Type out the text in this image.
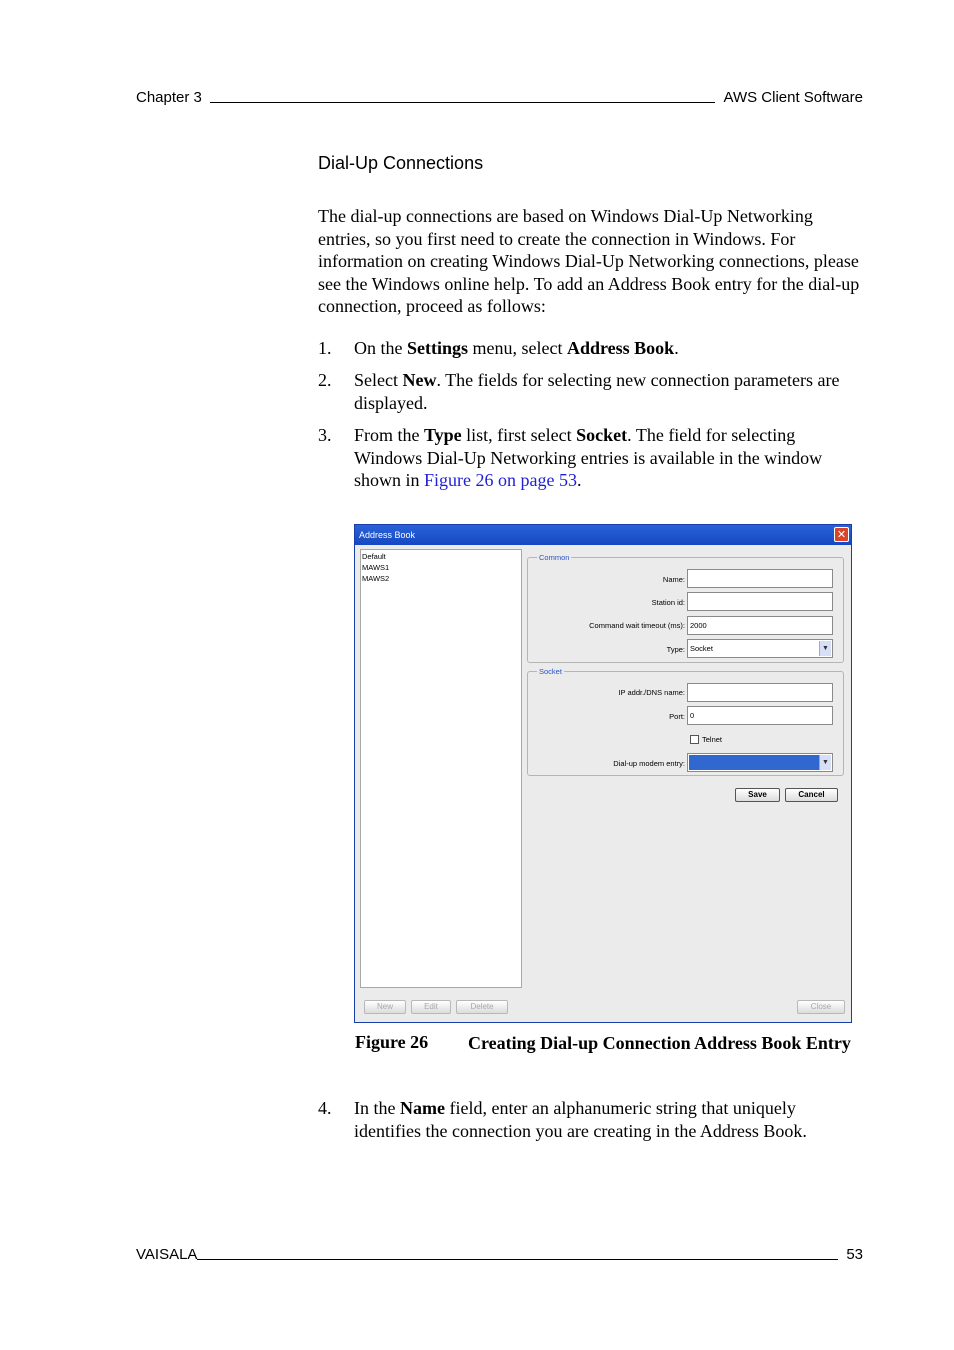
Chapter 3	AWS Client Software
Dial-Up Connections
The dial-up connections are based on Windows Dial-Up Networking entries, so you first need to create the connection in Windows. For information on creating Windows Dial-Up Networking connections, please see the Windows online help. To add an Address Book entry for the dial-up connection, proceed as follows:
1.	On the Settings menu, select Address Book.
2.	Select New. The fields for selecting new connection parameters are displayed.
3.	From the Type list, first select Socket. The field for selecting Windows Dial-Up Networking entries is available in the window shown in Figure 26 on page 53.
Address Book	✕
Default
MAWS1
MAWS2
Common
Name:
Station id:
Command wait timeout (ms): 2000
Type: Socket	▼
Socket
IP addr./DNS name:
Port: 0
Telnet
Dial-up modem entry:	▼
Save	Cancel
New	Edit	Delete	Close
Figure 26 Creating Dial-up Connection Address Book Entry
4.	In the Name field, enter an alphanumeric string that uniquely identifies the connection you are creating in the Address Book.
VAISALA	53
